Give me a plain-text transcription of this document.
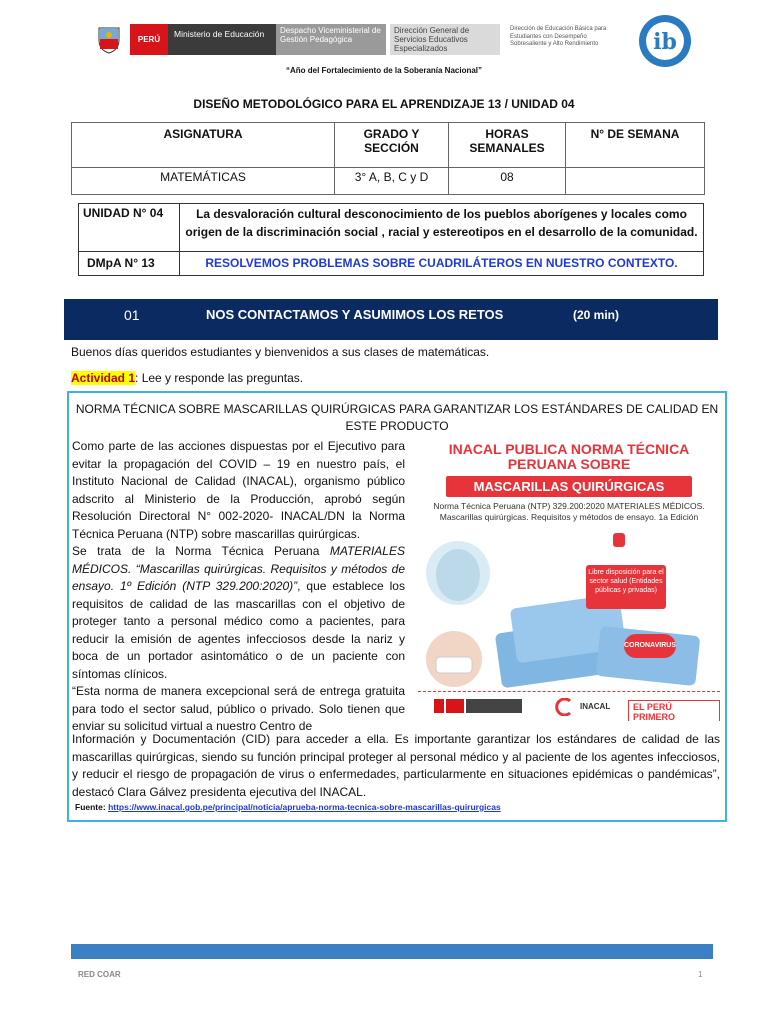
PERÚ
Ministerio de Educación	Despacho Viceministerial de Gestión Pedagógica
Dirección General de Servicios Educativos Especializados
Dirección de Educación Básica para Estudiantes con Desempeño Sobresaliente y Alto Rendimiento	ib
“Año del Fortalecimiento de la Soberanía Nacional”
DISEÑO METODOLÓGICO PARA EL APRENDIZAJE 13 / UNIDAD 04
ASIGNATURA	GRADO Y SECCIÓN	HORAS SEMANALES	N° DE SEMANA
MATEMÁTICAS	3° A, B, C y D	08	
UNIDAD N° 04	La desvaloración cultural desconocimiento de los pueblos aborígenes y locales como origen de la discriminación social , racial y estereotipos en el desarrollo de la comunidad.
DMpA N° 13	RESOLVEMOS PROBLEMAS SOBRE CUADRILÁTEROS EN NUESTRO CONTEXTO.
01	NOS CONTACTAMOS Y ASUMIMOS LOS RETOS	(20 min)
Buenos días queridos estudiantes y bienvenidos a sus clases de matemáticas.
Actividad 1: Lee y responde las preguntas.
NORMA TÉCNICA SOBRE MASCARILLAS QUIRÚRGICAS PARA GARANTIZAR LOS ESTÁNDARES DE CALIDAD EN ESTE PRODUCTO
Como parte de las acciones dispuestas por el Ejecutivo para evitar la propagación del COVID – 19 en nuestro país, el Instituto Nacional de Calidad (INACAL), organismo público adscrito al Ministerio de la Producción, aprobó según Resolución Directoral N° 002-2020- INACAL/DN la Norma Técnica Peruana (NTP) sobre mascarillas quirúrgicas.
Se trata de la Norma Técnica Peruana MATERIALES MÉDICOS. “Mascarillas quirúrgicas. Requisitos y métodos de ensayo. 1º Edición (NTP 329.200:2020)”, que establece los requisitos de calidad de las mascarillas con el objetivo de proteger tanto a personal médico como a pacientes, para reducir la emisión de agentes infecciosos desde la nariz y boca de un portador asintomático o de un paciente con síntomas clínicos.
“Esta norma de manera excepcional será de entrega gratuita para todo el sector salud, público o privado. Solo tienen que enviar su solicitud virtual a nuestro Centro de
INACAL PUBLICA NORMA TÉCNICA PERUANA SOBRE
MASCARILLAS QUIRÚRGICAS
Norma Técnica Peruana (NTP) 329.200:2020 MATERIALES MÉDICOS. Mascarillas quirúrgicas. Requisitos y métodos de ensayo. 1a Edición
Libre disposición para el sector salud (Entidades públicas y privadas)
CORONAVIRUS
INACAL	EL PERÚ PRIMERO
Información y Documentación (CID) para acceder a ella. Es importante garantizar los estándares de calidad de las mascarillas quirúrgicas, siendo su función principal proteger al personal médico y al paciente de los agentes infecciosos, y reducir el riesgo de propagación de virus o enfermedades, particularmente en situaciones epidémicas o pandémicas”, destacó Clara Gálvez presidenta ejecutiva del INACAL.
Fuente: https://www.inacal.gob.pe/principal/noticia/aprueba-norma-tecnica-sobre-mascarillas-quirurgicas
RED COAR	1
